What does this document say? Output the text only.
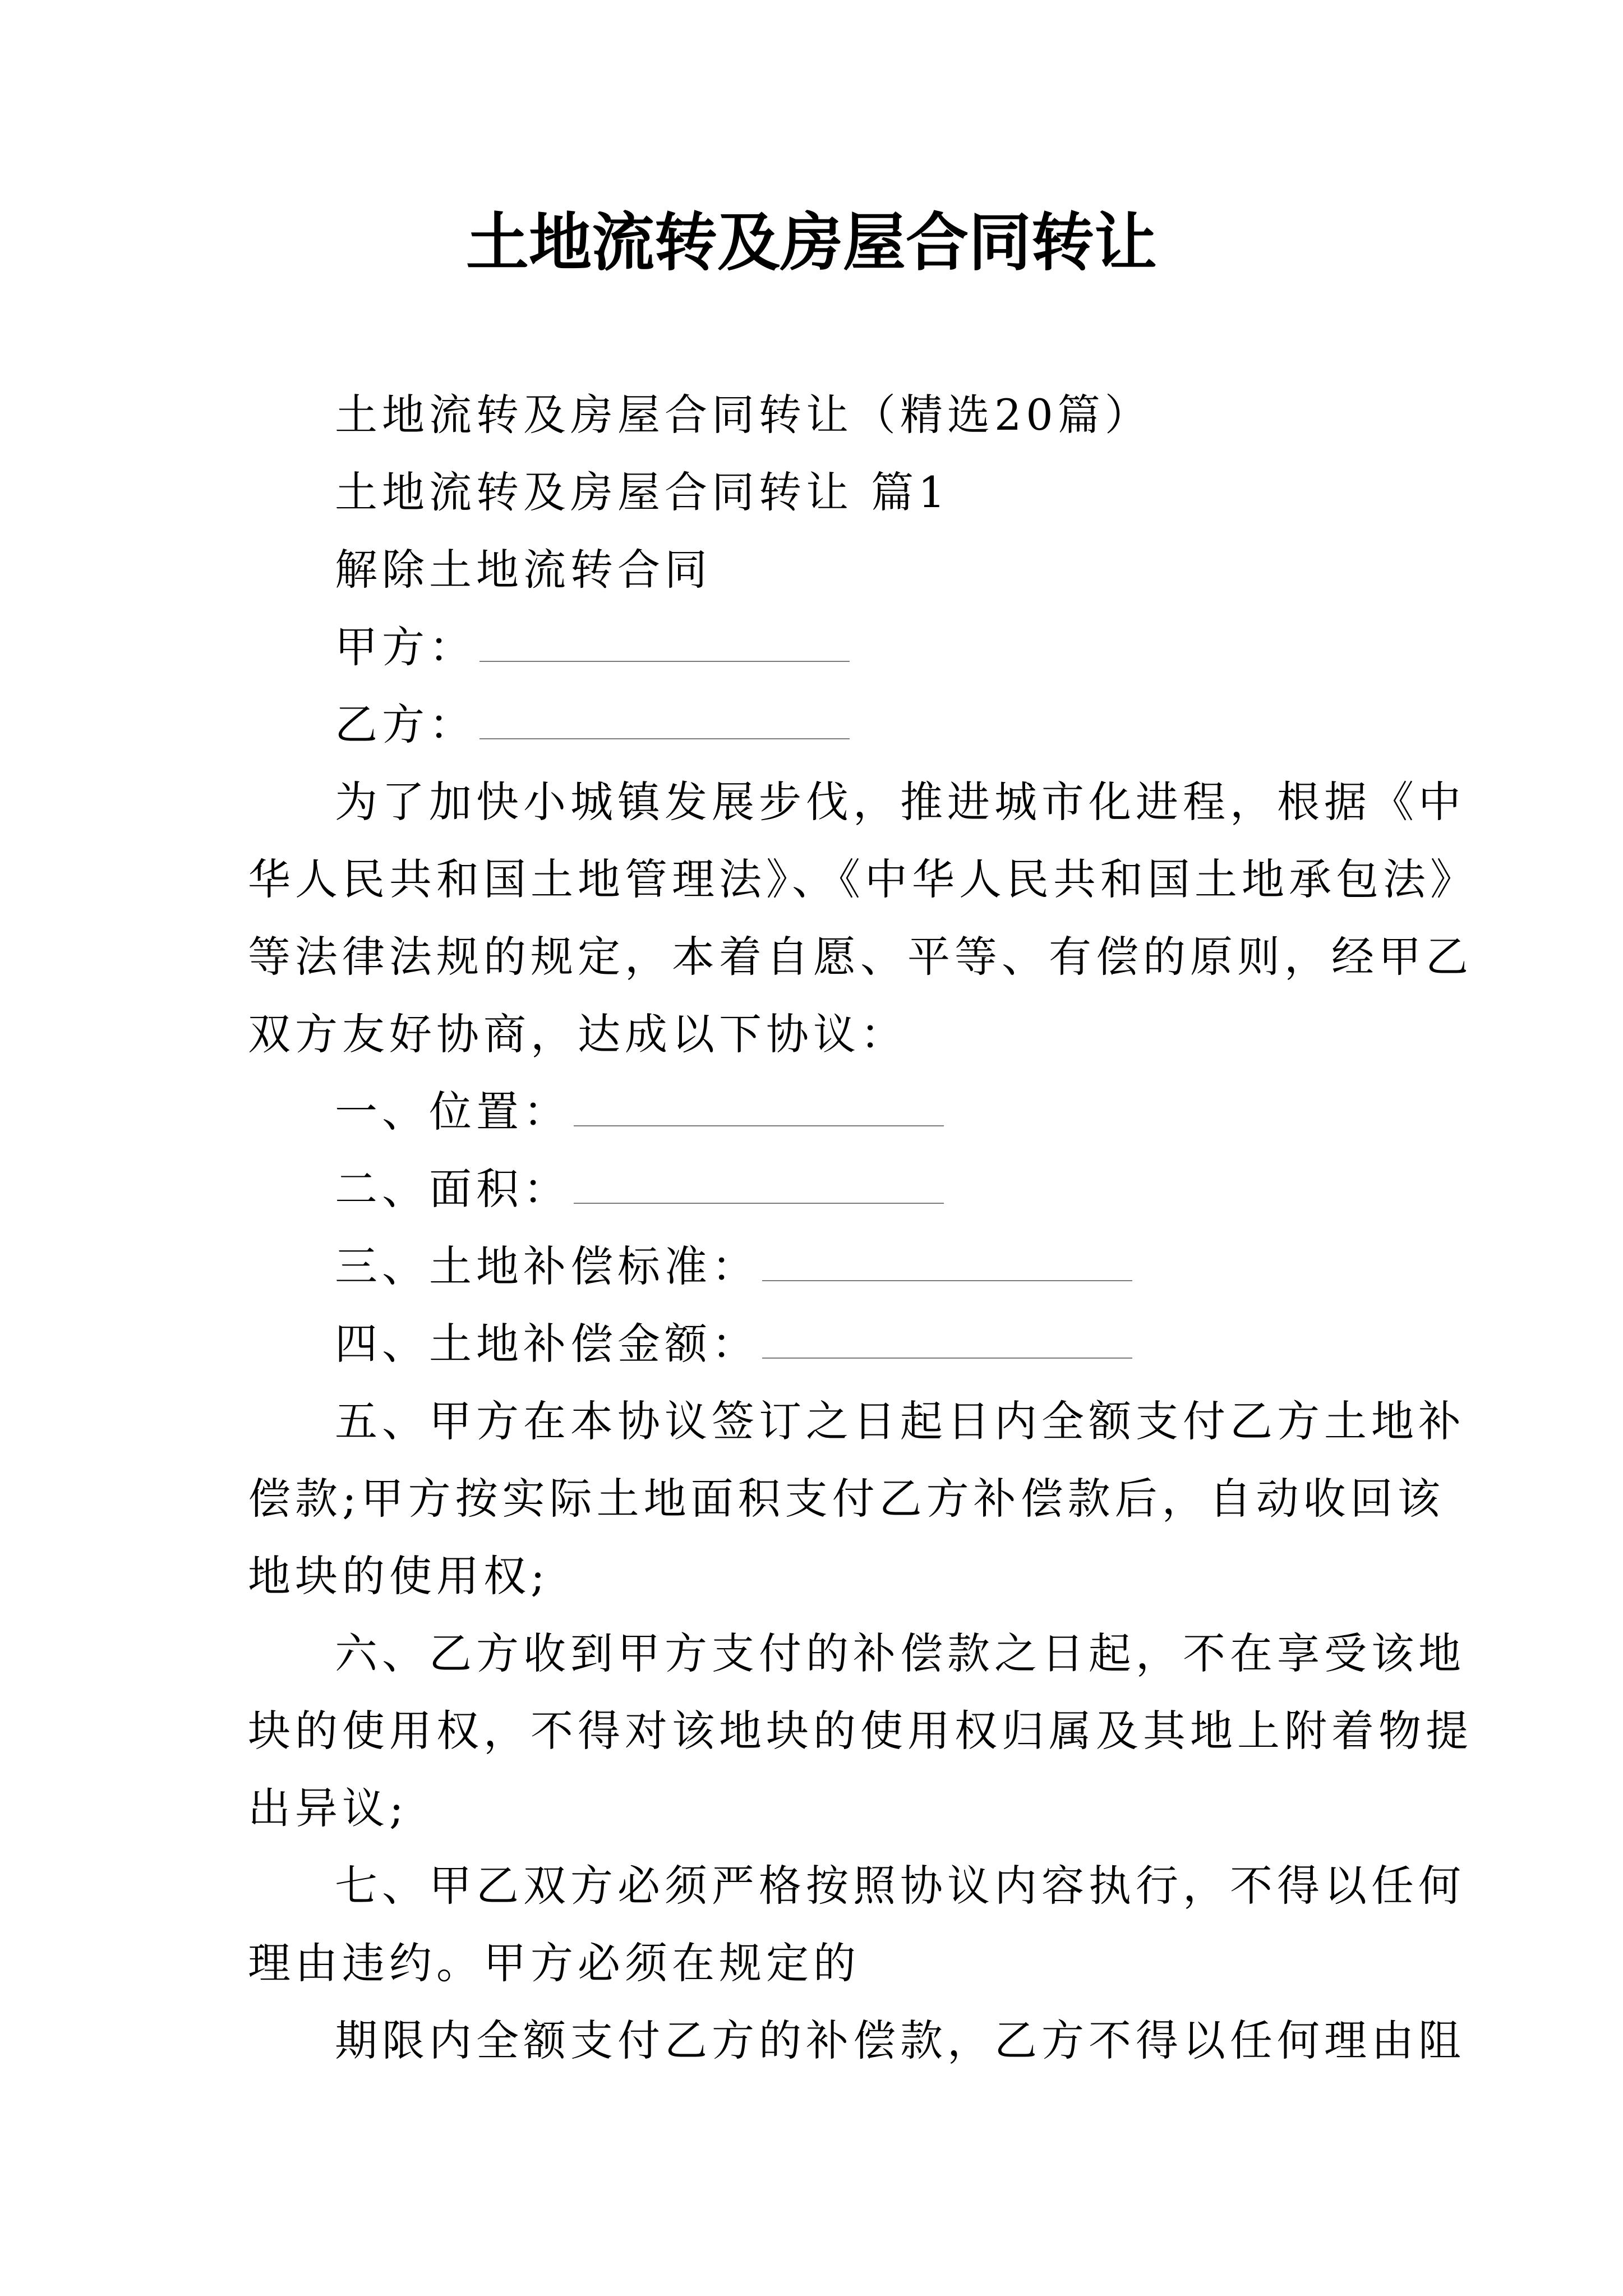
土地流转及房屋合同转让
土地流转及房屋合同转让（精选20篇）
土地流转及房屋合同转让 篇1
解除土地流转合同
甲方：
乙方：
为了加快小城镇发展步伐，推进城市化进程，根据《中
华人民共和国土地管理法》、《中华人民共和国土地承包法》
等法律法规的规定，本着自愿、平等、有偿的原则，经甲乙
双方友好协商，达成以下协议：
一、位置：
二、面积：
三、土地补偿标准：
四、土地补偿金额：
五、甲方在本协议签订之日起日内全额支付乙方土地补
偿款;甲方按实际土地面积支付乙方补偿款后，自动收回该
地块的使用权;
六、乙方收到甲方支付的补偿款之日起，不在享受该地
块的使用权，不得对该地块的使用权归属及其地上附着物提
出异议;
七、甲乙双方必须严格按照协议内容执行，不得以任何
理由违约。甲方必须在规定的
期限内全额支付乙方的补偿款，乙方不得以任何理由阻
